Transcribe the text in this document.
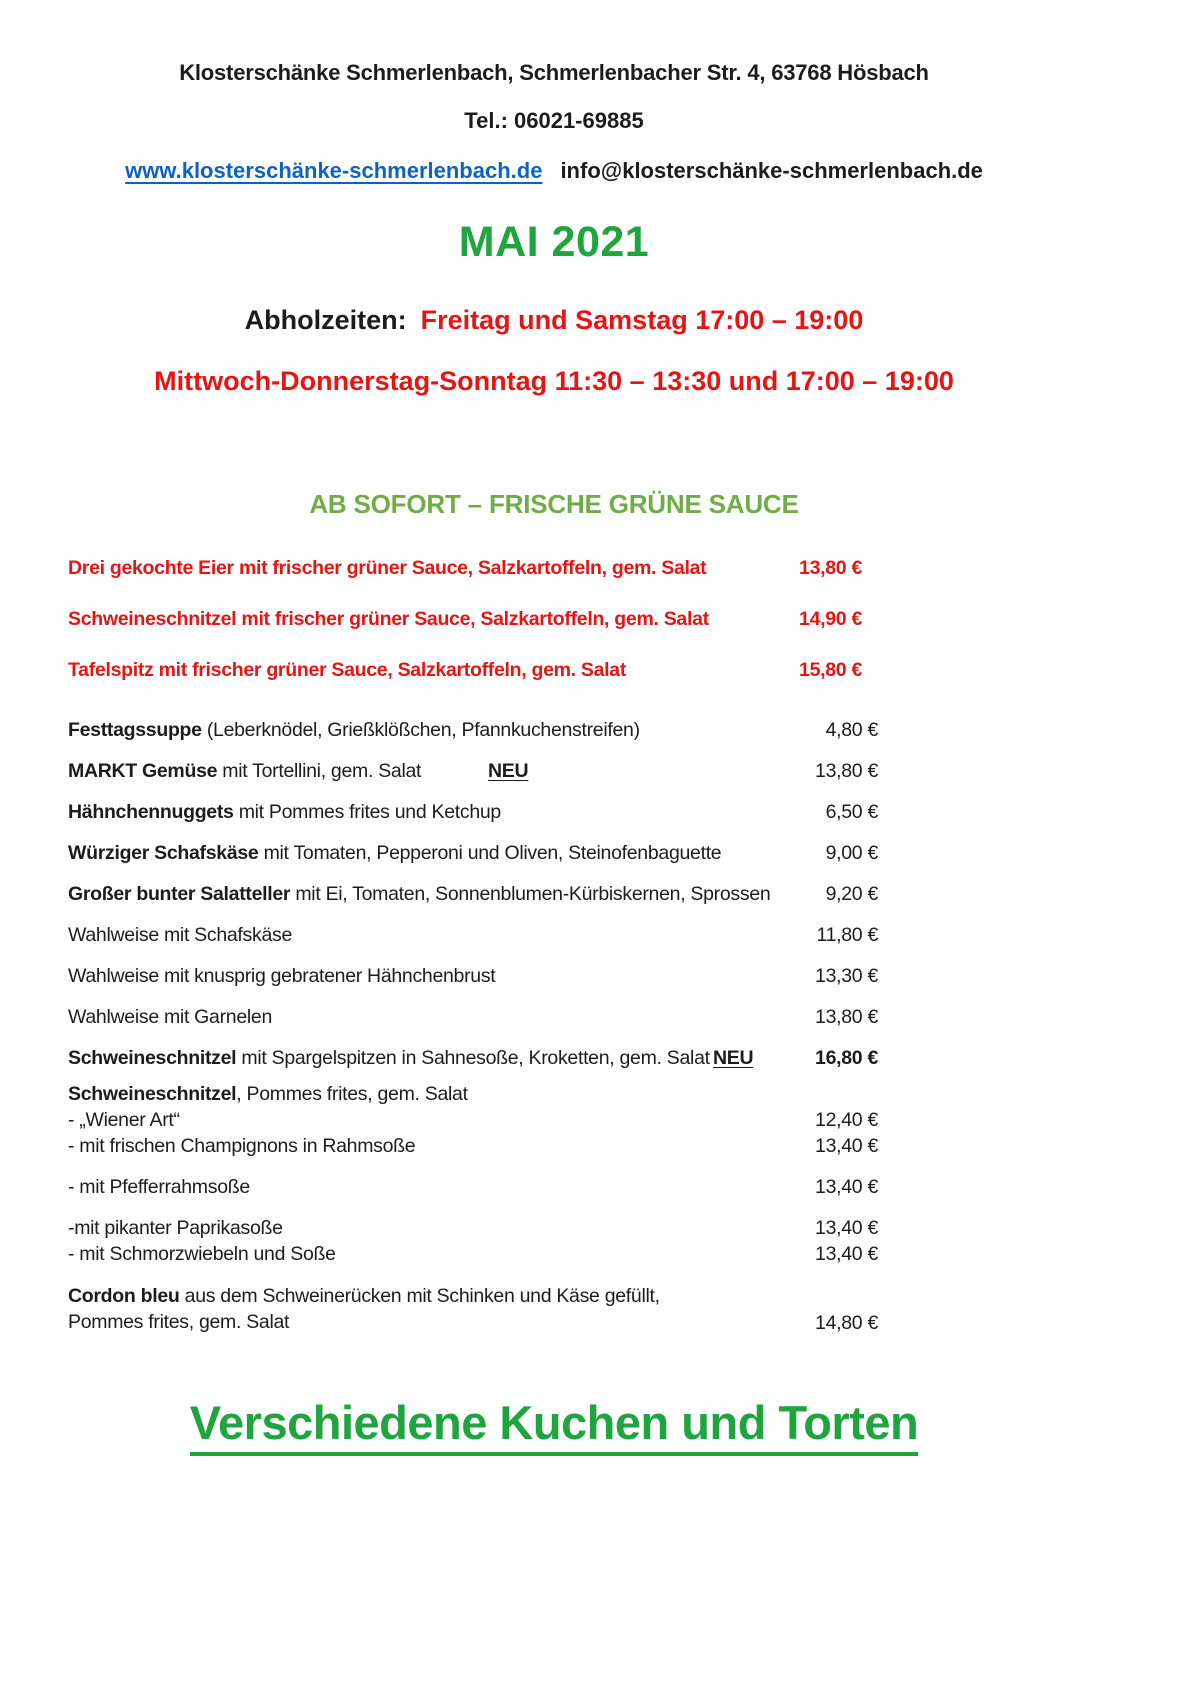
Klosterschänke Schmerlenbach, Schmerlenbacher Str. 4, 63768 Hösbach
Tel.: 06021-69885
www.klosterschänke-schmerlenbach.de info@klosterschänke-schmerlenbach.de
MAI 2021
Abholzeiten: Freitag und Samstag 17:00 – 19:00
Mittwoch-Donnerstag-Sonntag 11:30 – 13:30 und 17:00 – 19:00
AB SOFORT – FRISCHE GRÜNE SAUCE
Drei gekochte Eier mit frischer grüner Sauce, Salzkartoffeln, gem. Salat	13,80 €
Schweineschnitzel mit frischer grüner Sauce, Salzkartoffeln, gem. Salat	14,90 €
Tafelspitz mit frischer grüner Sauce, Salzkartoffeln, gem. Salat	15,80 €
Festtagssuppe (Leberknödel, Grießklößchen, Pfannkuchenstreifen)	4,80 €
MARKT Gemüse mit Tortellini, gem. Salat	NEU	13,80 €
Hähnchennuggets mit Pommes frites und Ketchup	6,50 €
Würziger Schafskäse mit Tomaten, Pepperoni und Oliven, Steinofenbaguette	9,00 €
Großer bunter Salatteller mit Ei, Tomaten, Sonnenblumen-Kürbiskernen, Sprossen	9,20 €
Wahlweise mit Schafskäse	11,80 €
Wahlweise mit knusprig gebratener Hähnchenbrust	13,30 €
Wahlweise mit Garnelen	13,80 €
Schweineschnitzel mit Spargelspitzen in Sahnesoße, Kroketten, gem. Salat NEU	16,80 €
Schweineschnitzel, Pommes frites, gem. Salat
- „Wiener Art“	12,40 €
- mit frischen Champignons in Rahmsoße	13,40 €
- mit Pfefferrahmsoße	13,40 €
-mit pikanter Paprikasoße	13,40 €
- mit Schmorzwiebeln und Soße	13,40 €
Cordon bleu aus dem Schweinerücken mit Schinken und Käse gefüllt,
Pommes frites, gem. Salat	14,80 €
Verschiedene Kuchen und Torten
